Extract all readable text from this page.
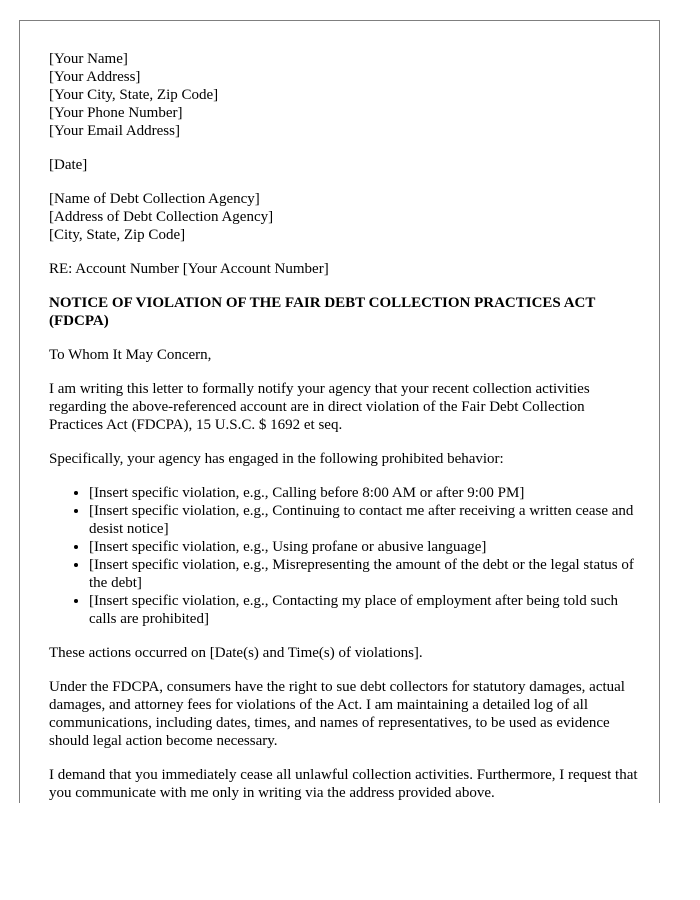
[Your Name]
[Your Address]
[Your City, State, Zip Code]
[Your Phone Number]
[Your Email Address]
[Date]
[Name of Debt Collection Agency]
[Address of Debt Collection Agency]
[City, State, Zip Code]
RE: Account Number [Your Account Number]
NOTICE OF VIOLATION OF THE FAIR DEBT COLLECTION PRACTICES ACT (FDCPA)
To Whom It May Concern,
I am writing this letter to formally notify your agency that your recent collection activities regarding the above-referenced account are in direct violation of the Fair Debt Collection Practices Act (FDCPA), 15 U.S.C. $ 1692 et seq.
Specifically, your agency has engaged in the following prohibited behavior:
• [Insert specific violation, e.g., Calling before 8:00 AM or after 9:00 PM]
• [Insert specific violation, e.g., Continuing to contact me after receiving a written cease and desist notice]
• [Insert specific violation, e.g., Using profane or abusive language]
• [Insert specific violation, e.g., Misrepresenting the amount of the debt or the legal status of the debt]
• [Insert specific violation, e.g., Contacting my place of employment after being told such calls are prohibited]
These actions occurred on [Date(s) and Time(s) of violations].
Under the FDCPA, consumers have the right to sue debt collectors for statutory damages, actual damages, and attorney fees for violations of the Act. I am maintaining a detailed log of all communications, including dates, times, and names of representatives, to be used as evidence should legal action become necessary.
I demand that you immediately cease all unlawful collection activities. Furthermore, I request that you communicate with me only in writing via the address provided above.
